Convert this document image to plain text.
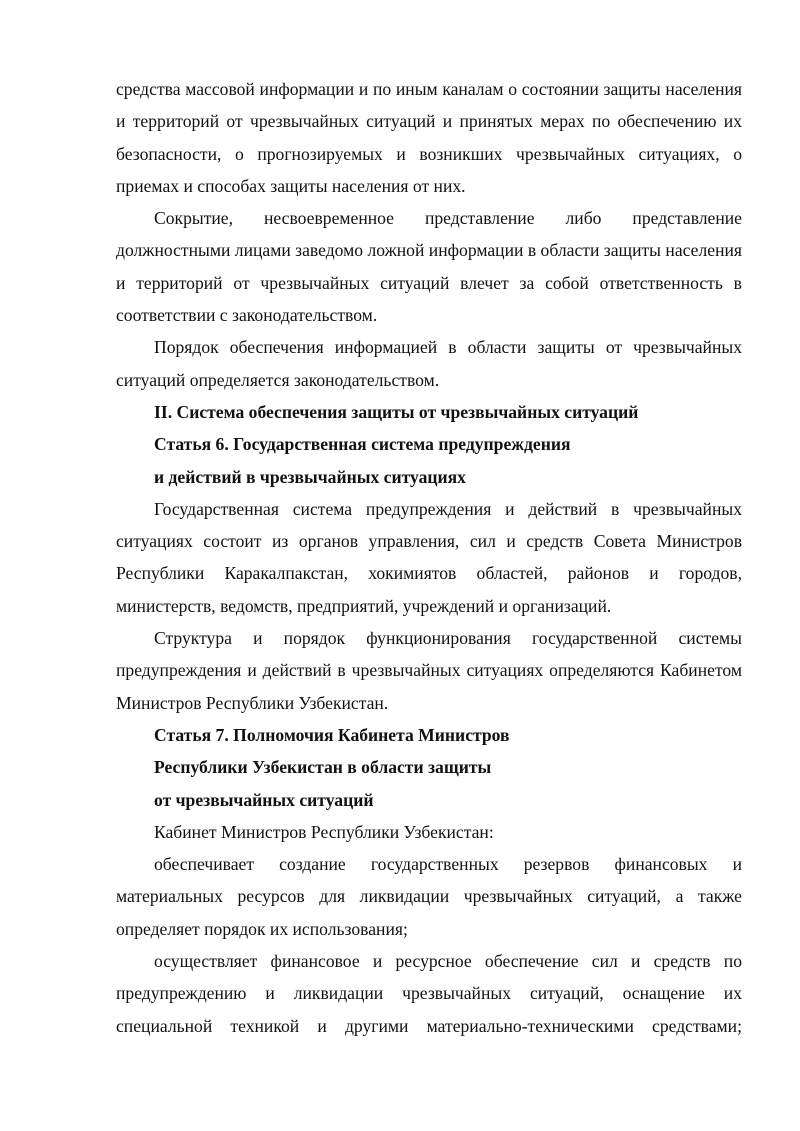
средства массовой информации и по иным каналам о состоянии защиты населения и территорий от чрезвычайных ситуаций и принятых мерах по обеспечению их безопасности, о прогнозируемых и возникших чрезвычайных ситуациях, о приемах и способах защиты населения от них.

Сокрытие, несвоевременное представление либо представление должностными лицами заведомо ложной информации в области защиты населения и территорий от чрезвычайных ситуаций влечет за собой ответственность в соответствии с законодательством.

Порядок обеспечения информацией в области защиты от чрезвычайных ситуаций определяется законодательством.

II. Система обеспечения защиты от чрезвычайных ситуаций
Статья 6. Государственная система предупреждения
и действий в чрезвычайных ситуациях

Государственная система предупреждения и действий в чрезвычайных ситуациях состоит из органов управления, сил и средств Совета Министров Республики Каракалпакстан, хокимиятов областей, районов и городов, министерств, ведомств, предприятий, учреждений и организаций.

Структура и порядок функционирования государственной системы предупреждения и действий в чрезвычайных ситуациях определяются Кабинетом Министров Республики Узбекистан.

Статья 7. Полномочия Кабинета Министров
Республики Узбекистан в области защиты
от чрезвычайных ситуаций

Кабинет Министров Республики Узбекистан:

обеспечивает создание государственных резервов финансовых и материальных ресурсов для ликвидации чрезвычайных ситуаций, а также определяет порядок их использования;

осуществляет финансовое и ресурсное обеспечение сил и средств по предупреждению и ликвидации чрезвычайных ситуаций, оснащение их специальной техникой и другими материально-техническими средствами;
